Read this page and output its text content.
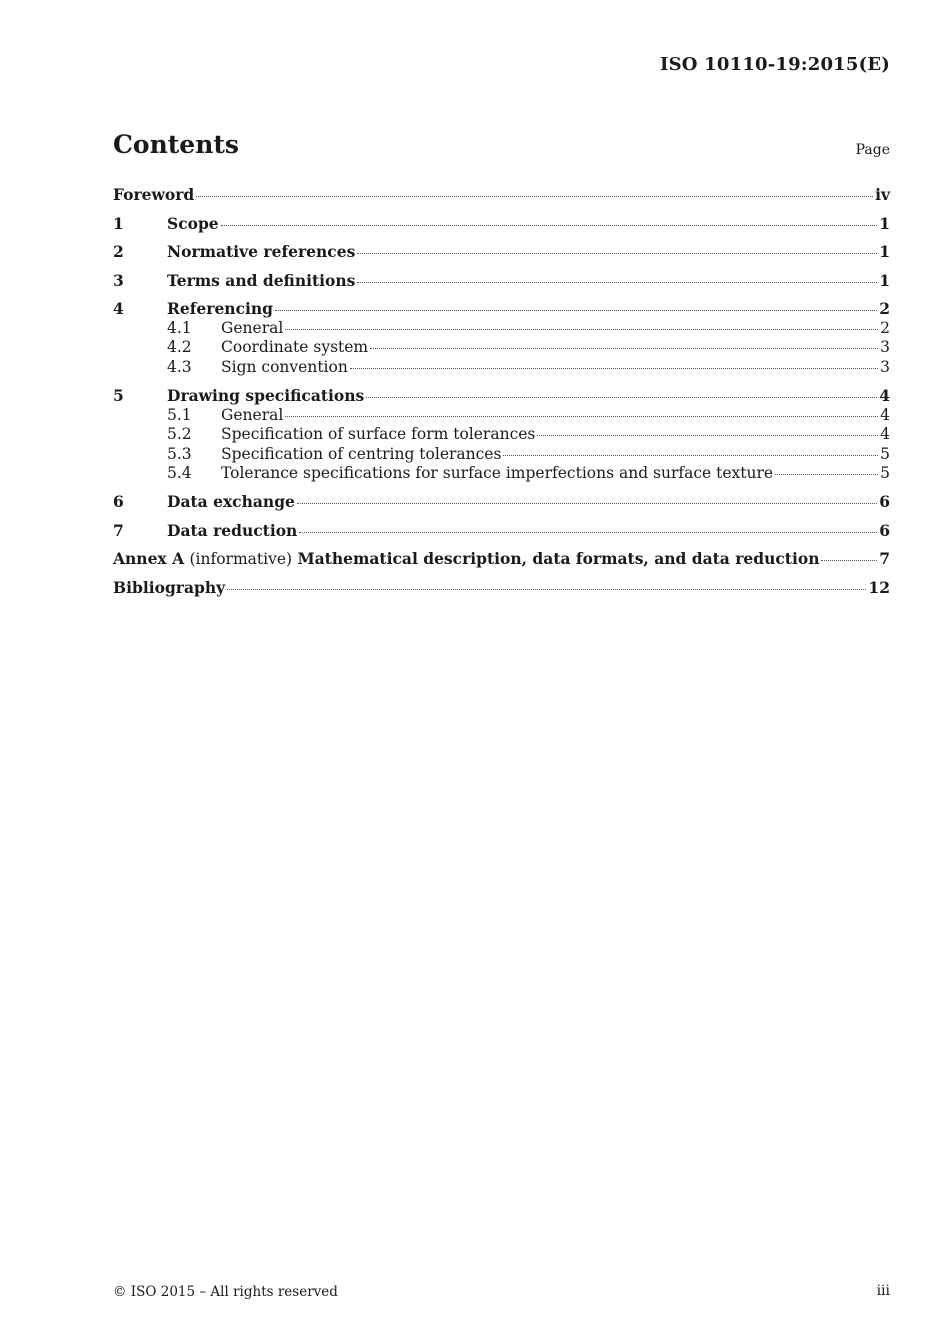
ISO 10110-19:2015(E)
Contents	Page
Foreword	iv
1	Scope	1
2	Normative references	1
3	Terms and definitions	1
4	Referencing	2
4.1	General	2
4.2	Coordinate system	3
4.3	Sign convention	3
5	Drawing specifications	4
5.1	General	4
5.2	Specification of surface form tolerances	4
5.3	Specification of centring tolerances	5
5.4	Tolerance specifications for surface imperfections and surface texture	5
6	Data exchange	6
7	Data reduction	6
Annex A (informative) Mathematical description, data formats, and data reduction	7
Bibliography	12
© ISO 2015 – All rights reserved	iii
